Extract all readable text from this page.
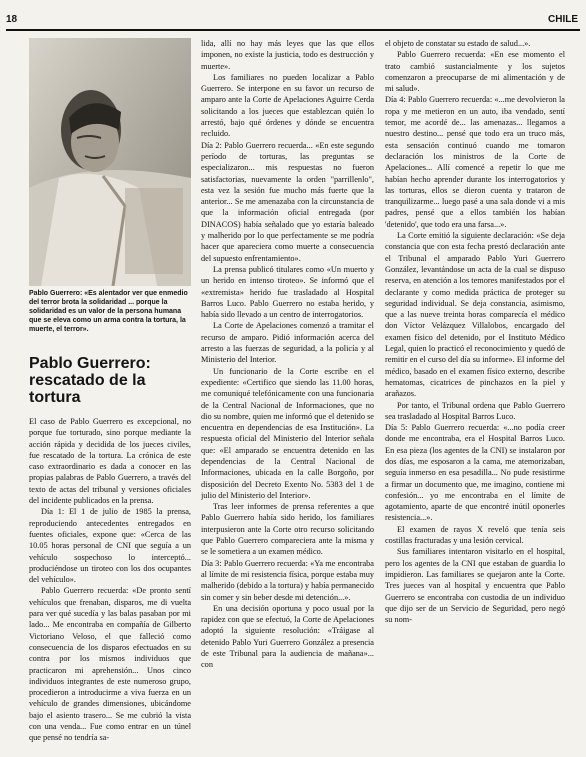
18	CHILE
Pablo Guerrero: «Es alentador ver que enmedio del terror brota la solidaridad ... porque la solidaridad es un valor de la persona humana que se eleva como un arma contra la tortura, la muerte, el terror».
Pablo Guerrero: rescatado de la tortura

El caso de Pablo Guerrero es excepcional, no porque fue torturado, sino porque mediante la acción rápida y decidida de los jueces civiles, fue rescatado de la tortura. La crónica de este caso extraordinario es dada a conocer en las propias palabras de Pablo Guerrero, a través del texto de actas del tribunal y versiones oficiales del incidente publicados en la prensa.

Día 1: El 1 de julio de 1985 la prensa, reproduciendo antecedentes entregados en fuentes oficiales, expone que: «Cerca de las 10.05 horas personal de CNI que seguía a un vehículo sospechoso lo interceptó... produciéndose un tiroteo con los dos ocupantes del vehículo».

Pablo Guerrero recuerda: «De pronto sentí vehículos que frenaban, disparos, me di vuelta para ver qué sucedía y las balas pasaban por mi lado... Me encontraba en compañía de Gilberto Victoriano Veloso, el que falleció como consecuencia de los disparos efectuados en su contra por los mismos individuos que practicaron mi aprehensión... Unos cinco individuos integrantes de este numeroso grupo, procedieron a introducirme a viva fuerza en un vehículo de grandes dimensiones, ubicándome bajo el asiento trasero... Se me cubrió la vista con una venda... Fue como entrar en un túnel que pensé no tendría sa-

lida, allí no hay más leyes que las que ellos imponen, no existe la justicia, todo es destrucción y muerte».

Los familiares no pueden localizar a Pablo Guerrero. Se interpone en su favor un recurso de amparo ante la Corte de Apelaciones Aguirre Cerda solicitando a los jueces que establezcan quién lo arrestó, bajo qué órdenes y dónde se encuentra recluido.

Día 2: Pablo Guerrero recuerda... «En este segundo período de torturas, las preguntas se especializaron... mis respuestas no fueron satisfactorias, nuevamente la orden "parrillenlo", esta vez la sesión fue mucho más fuerte que la anterior... Se me amenazaba con la circunstancia de que la información oficial entregada (por DINACOS) había señalado que yo estaría baleado y malherido por lo que perfectamente se me podría hacer que apareciera como muerte a consecuencia del supuesto enfrentamiento».

La prensa publicó titulares como «Un muerto y un herido en intenso tiroteo». Se informó que el «extremista» herido fue trasladado al Hospital Barros Luco. Pablo Guerrero no estaba herido, y había sido llevado a un centro de interrogatorios.

La Corte de Apelaciones comenzó a tramitar el recurso de amparo. Pidió información acerca del arresto a las fuerzas de seguridad, a la policía y al Ministerio del Interior.

Un funcionario de la Corte escribe en el expediente: «Certifico que siendo las 11.00 horas, me comuniqué telefónicamente con una funcionaria de la Central Nacional de Informaciones, que no dio su nombre, quien me informó que el detenido se encuentra en dependencias de esa Institución». La respuesta oficial del Ministerio del Interior señala que: «El amparado se encuentra detenido en las dependencias de la Central Nacional de Informaciones, ubicada en la calle Borgoño, por disposición del Decreto Exento No. 5383 del 1 de julio del Ministerio del Interior».

Tras leer informes de prensa referentes a que Pablo Guerrero había sido herido, los familiares interpusieron ante la Corte otro recurso solicitando que Pablo Guerrero compareciera ante la misma y se le sometiera a un examen médico.

Día 3: Pablo Guerrero recuerda: «Ya me encontraba al límite de mi resistencia física, porque estaba muy malherido (debido a la tortura) y había permanecido sin comer y sin beber desde mi detención...».

En una decisión oportuna y poco usual por la rapidez con que se efectuó, la Corte de Apelaciones adoptó la siguiente resolución: «Tráigase al detenido Pablo Yuri Guerrero González a presencia de este Tribunal para la audiencia de mañana»... con

el objeto de constatar su estado de salud...».

Pablo Guerrero recuerda: «En ese momento el trato cambió sustancialmente y los sujetos comenzaron a preocuparse de mi alimentación y de mi salud».

Día 4: Pablo Guerrero recuerda: «...me devolvieron la ropa y me metieron en un auto, iba vendado, sentí temor, me acordé de... las amenazas... llegamos a nuestro destino... pensé que todo era un truco más, esta sensación continuó cuando me tomaron declaración los ministros de la Corte de Apelaciones... Allí comencé a repetir lo que me habían hecho aprender durante los interrogatorios y las torturas, ellos se dieron cuenta y trataron de tranquilizarme... luego pasé a una sala donde vi a mis padres, pensé que a ellos también los habían 'detenido', que todo era una farsa...».

La Corte emitió la siguiente declaración: «Se deja constancia que con esta fecha prestó declaración ante el Tribunal el amparado Pablo Yuri Guerrero González, levantándose un acta de la cual se dispuso reserva, en atención a los temores manifestados por el declarante y como medida práctica de proteger su seguridad individual. Se deja constancia, asimismo, que a las nueve treinta horas comparecía el médico don Víctor Velázquez Villalobos, encargado del examen físico del detenido, por el Instituto Médico Legal, quien lo practicó el reconocimiento y quedó de remitir en el curso del día su informe». El informe del médico, basado en el examen físico externo, describe hematomas, cicatrices de pinchazos en la piel y arañazos.

Por tanto, el Tribunal ordena que Pablo Guerrero sea trasladado al Hospital Barros Luco.

Día 5: Pablo Guerrero recuerda: «...no podía creer donde me encontraba, era el Hospital Barros Luco. En esa pieza (los agentes de la CNI) se instalaron por dos días, me esposaron a la cama, me atemorizaban, seguía inmerso en esa pesadilla... No pude resistirme a firmar un documento que, me imagino, contiene mi confesión... yo me encontraba en el límite de agotamiento, aparte de que encontré inútil oponerles resistencia...».

El examen de rayos X reveló que tenía seis costillas fracturadas y una lesión cervical.

Sus familiares intentaron visitarlo en el hospital, pero los agentes de la CNI que estaban de guardia lo impidieron. Las familiares se quejaron ante la Corte. Tres jueces van al hospital y encuentra que Pablo Guerrero se encontraba con custodia de un individuo que dijo ser de un Servicio de Seguridad, pero negó su nom-
